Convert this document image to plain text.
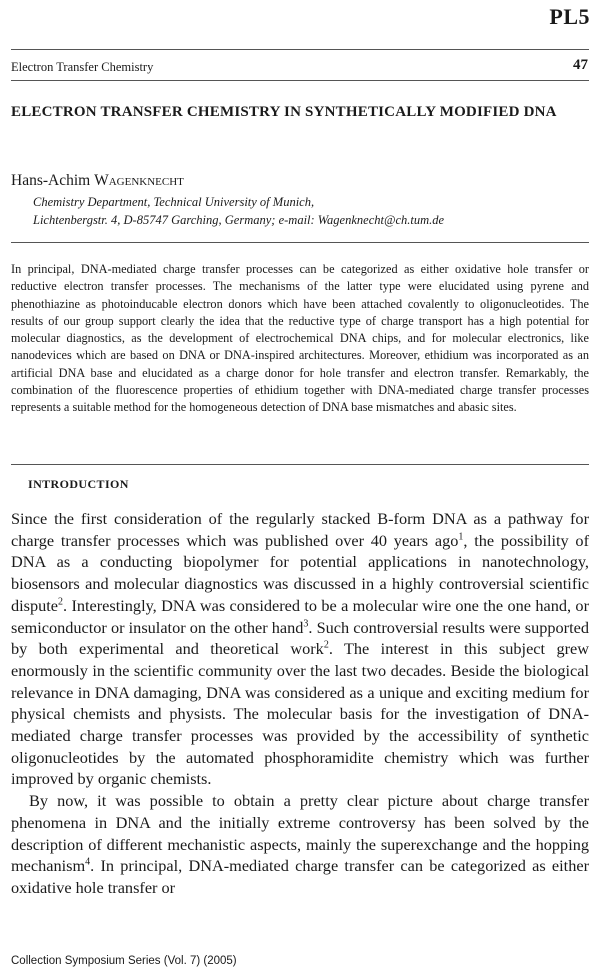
PL5
Electron Transfer Chemistry	47
ELECTRON TRANSFER CHEMISTRY IN SYNTHETICALLY MODIFIED DNA
Hans-Achim Wagenknecht
Chemistry Department, Technical University of Munich,
Lichtenbergstr. 4, D-85747 Garching, Germany; e-mail: Wagenknecht@ch.tum.de
In principal, DNA-mediated charge transfer processes can be categorized as either oxidative hole transfer or reductive electron transfer processes. The mechanisms of the latter type were elucidated using pyrene and phenothiazine as photoinducable electron donors which have been attached covalently to oligonucleotides. The results of our group support clearly the idea that the reductive type of charge transport has a high potential for molecular diagnostics, as the development of electrochemical DNA chips, and for molecular electronics, like nanodevices which are based on DNA or DNA-inspired architectures. Moreover, ethidium was incorporated as an artificial DNA base and elucidated as a charge donor for hole transfer and electron transfer. Remarkably, the combination of the fluorescence properties of ethidium together with DNA-mediated charge transfer processes represents a suitable method for the homogeneous detection of DNA base mismatches and abasic sites.
INTRODUCTION

Since the first consideration of the regularly stacked B-form DNA as a pathway for charge transfer processes which was published over 40 years ago$^1$, the possibility of DNA as a conducting biopolymer for potential applications in nanotechnology, biosensors and molecular diagnostics was discussed in a highly controversial scientific dispute$^2$. Interestingly, DNA was considered to be a molecular wire one the one hand, or semiconductor or insulator on the other hand$^3$. Such controversial results were supported by both experimental and theoretical work$^2$. The interest in this subject grew enormously in the scientific community over the last two decades. Beside the biological relevance in DNA damaging, DNA was considered as a unique and exciting medium for physical chemists and physists. The molecular basis for the investigation of DNA-mediated charge transfer processes was provided by the accessibility of synthetic oligonucleotides by the automated phosphoramidite chemistry which was further improved by organic chemists.

By now, it was possible to obtain a pretty clear picture about charge transfer phenomena in DNA and the initially extreme controversy has been solved by the description of different mechanistic aspects, mainly the superexchange and the hopping mechanism$^4$. In principal, DNA-mediated charge transfer can be categorized as either oxidative hole transfer or

Collection Symposium Series (Vol. 7) (2005)
